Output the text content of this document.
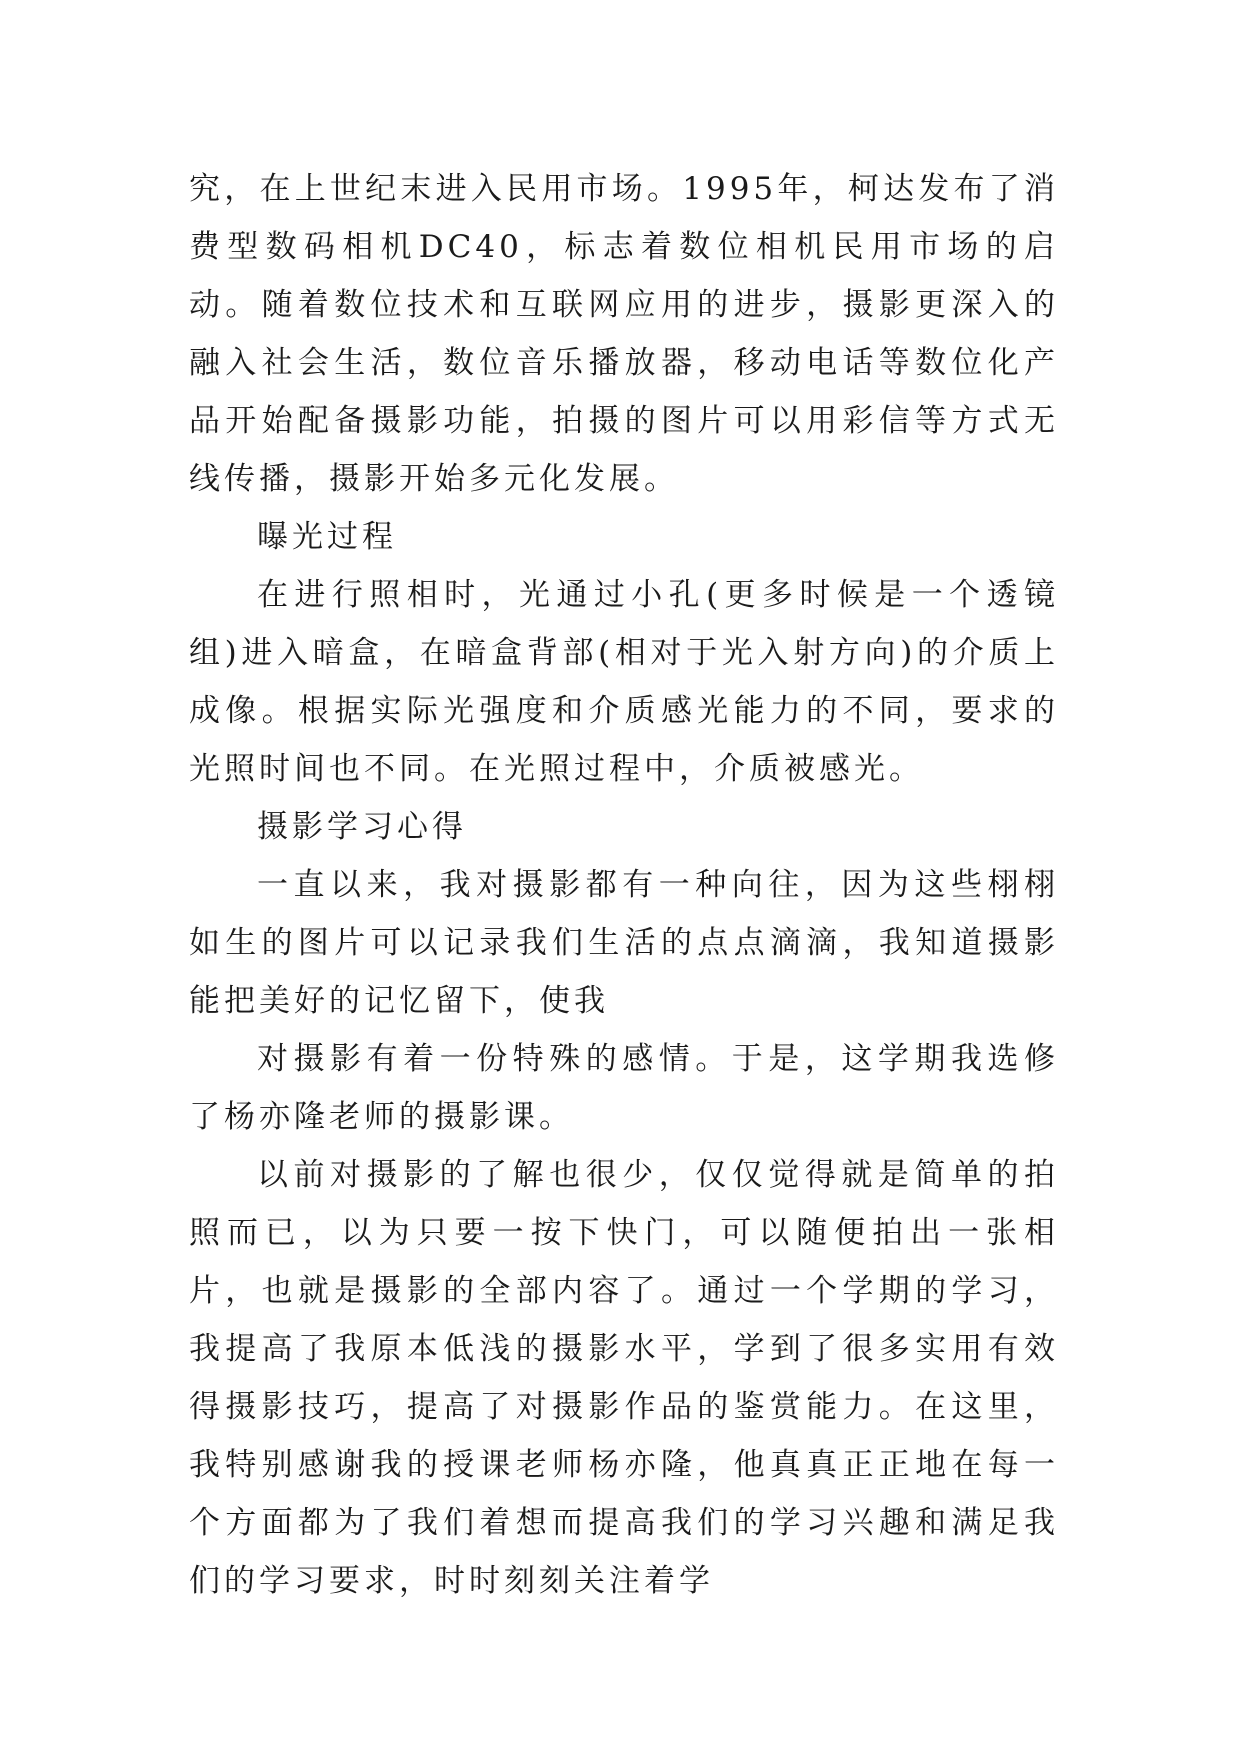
究，在上世纪末进入民用市场。1995年，柯达发布了消费型数码相机DC40，标志着数位相机民用市场的启动。随着数位技术和互联网应用的进步，摄影更深入的融入社会生活，数位音乐播放器，移动电话等数位化产品开始配备摄影功能，拍摄的图片可以用彩信等方式无线传播，摄影开始多元化发展。

曝光过程

在进行照相时，光通过小孔(更多时候是一个透镜组)进入暗盒，在暗盒背部(相对于光入射方向)的介质上成像。根据实际光强度和介质感光能力的不同，要求的光照时间也不同。在光照过程中，介质被感光。

摄影学习心得

一直以来，我对摄影都有一种向往，因为这些栩栩如生的图片可以记录我们生活的点点滴滴，我知道摄影能把美好的记忆留下，使我

对摄影有着一份特殊的感情。于是，这学期我选修了杨亦隆老师的摄影课。

以前对摄影的了解也很少，仅仅觉得就是简单的拍照而已，以为只要一按下快门，可以随便拍出一张相片，也就是摄影的全部内容了。通过一个学期的学习，我提高了我原本低浅的摄影水平，学到了很多实用有效得摄影技巧，提高了对摄影作品的鉴赏能力。在这里，我特别感谢我的授课老师杨亦隆，他真真正正地在每一个方面都为了我们着想而提高我们的学习兴趣和满足我们的学习要求，时时刻刻关注着学
